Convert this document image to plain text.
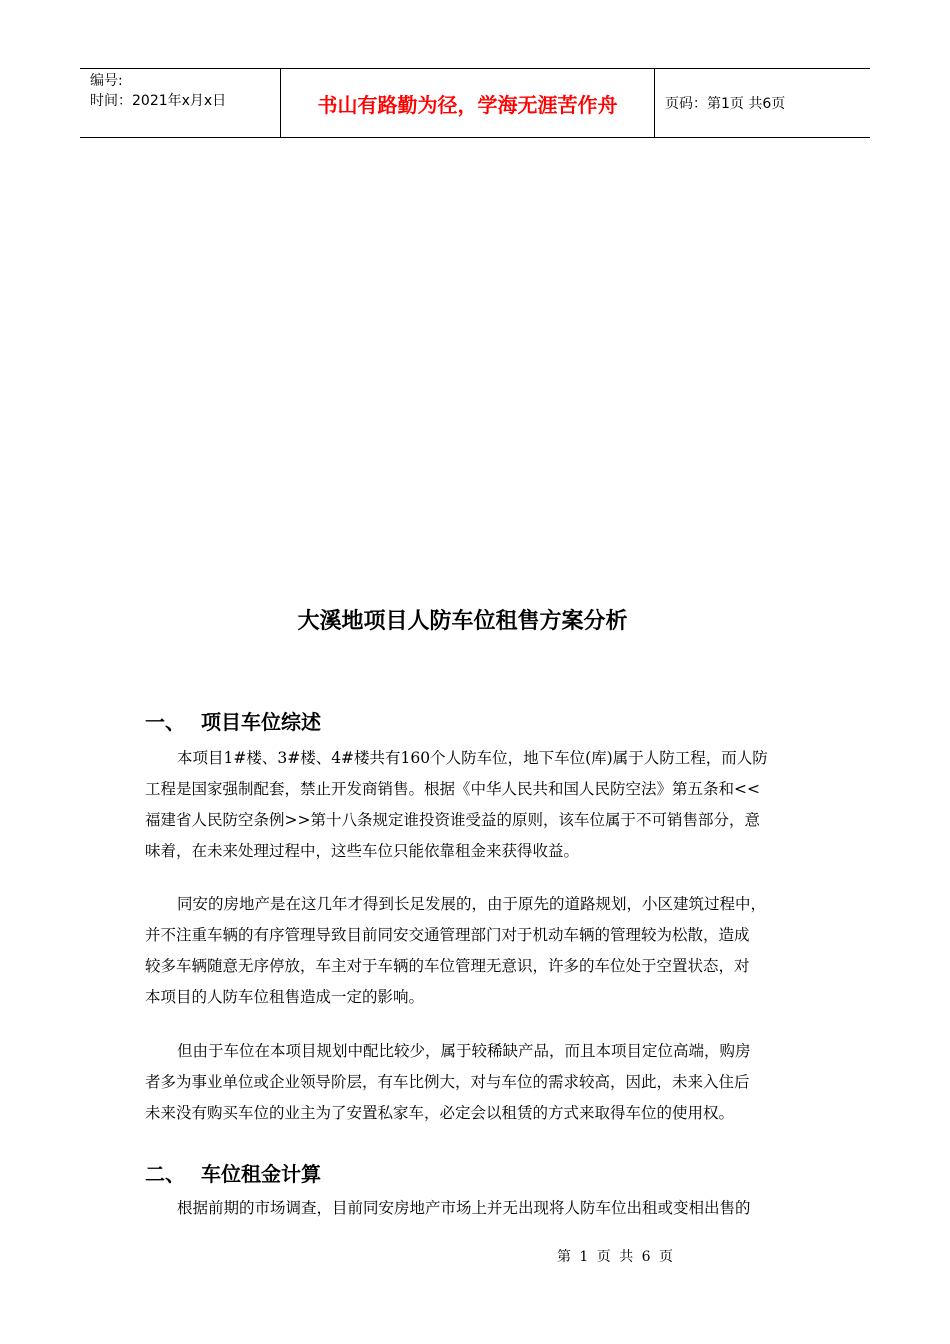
编号:
时间：2021年x月x日	书山有路勤为径，学海无涯苦作舟	页码：第1页 共6页
大溪地项目人防车位租售方案分析
一、 项目车位综述
本项目1#楼、3#楼、4#楼共有160个人防车位，地下车位(库)属于人防工程，而人防
工程是国家强制配套，禁止开发商销售。根据《中华人民共和国人民防空法》第五条和<<
福建省人民防空条例>>第十八条规定谁投资谁受益的原则，该车位属于不可销售部分，意
味着，在未来处理过程中，这些车位只能依靠租金来获得收益。
同安的房地产是在这几年才得到长足发展的，由于原先的道路规划，小区建筑过程中，
并不注重车辆的有序管理导致目前同安交通管理部门对于机动车辆的管理较为松散，造成
较多车辆随意无序停放，车主对于车辆的车位管理无意识，许多的车位处于空置状态，对
本项目的人防车位租售造成一定的影响。
但由于车位在本项目规划中配比较少，属于较稀缺产品，而且本项目定位高端，购房
者多为事业单位或企业领导阶层，有车比例大，对与车位的需求较高，因此，未来入住后
未来没有购买车位的业主为了安置私家车，必定会以租赁的方式来取得车位的使用权。
二、 车位租金计算
根据前期的市场调查，目前同安房地产市场上并无出现将人防车位出租或变相出售的
第 1 页 共 6 页
